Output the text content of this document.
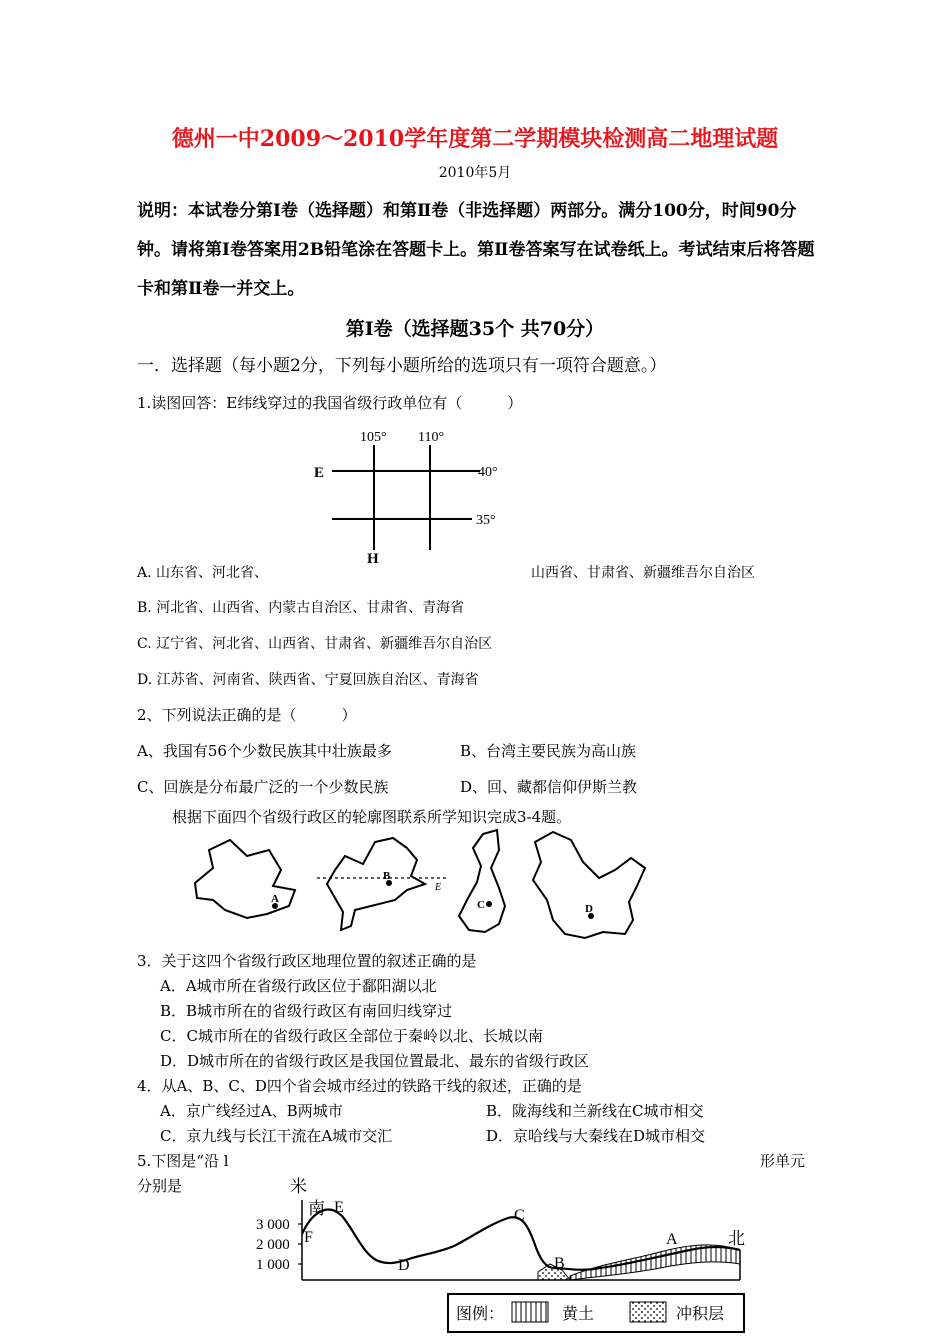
德州一中2009～2010学年度第二学期模块检测高二地理试题
2010年5月
说明：本试卷分第Ⅰ卷（选择题）和第Ⅱ卷（非选择题）两部分。满分100分，时间90分钟。请将第Ⅰ卷答案用2B铅笔涂在答题卡上。第Ⅱ卷答案写在试卷纸上。考试结束后将答题卡和第Ⅱ卷一并交上。
第Ⅰ卷（选择题35个 共70分）
一．选择题（每小题2分，下列每小题所给的选项只有一项符合题意。）
1.读图回答：E纬线穿过的我国省级行政单位有（　　　）
105° 110°
40°
35°
E
H
A. 山东省、河北省、	山西省、甘肃省、新疆维吾尔自治区
B. 河北省、山西省、内蒙古自治区、甘肃省、青海省
C. 辽宁省、河北省、山西省、甘肃省、新疆维吾尔自治区
D. 江苏省、河南省、陕西省、宁夏回族自治区、青海省
2、下列说法正确的是（　　　）
A、我国有56个少数民族其中壮族最多	B、台湾主要民族为高山族
C、回族是分布最广泛的一个少数民族	D、回、藏都信仰伊斯兰教
根据下面四个省级行政区的轮廓图联系所学知识完成3-4题。
A
B
E
C	D
3．关于这四个省级行政区地理位置的叙述正确的是
A．A城市所在省级行政区位于鄱阳湖以北
B．B城市所在的省级行政区有南回归线穿过
C．C城市所在的省级行政区全部位于秦岭以北、长城以南
D．D城市所在的省级行政区是我国位置最北、最东的省级行政区
4．从A、B、C、D四个省会城市经过的铁路干线的叙述，正确的是
A．京广线经过A、B两城市	B．陇海线和兰新线在C城市相交
C．京九线与长江干流在A城市交汇	D．京哈线与大秦线在D城市相交
5.下图是“沿 l	形单元
分别是	米
南
北
3 000
2 000
1 000
E
F
D
C
B
A
图例：	黄土	冲积层
